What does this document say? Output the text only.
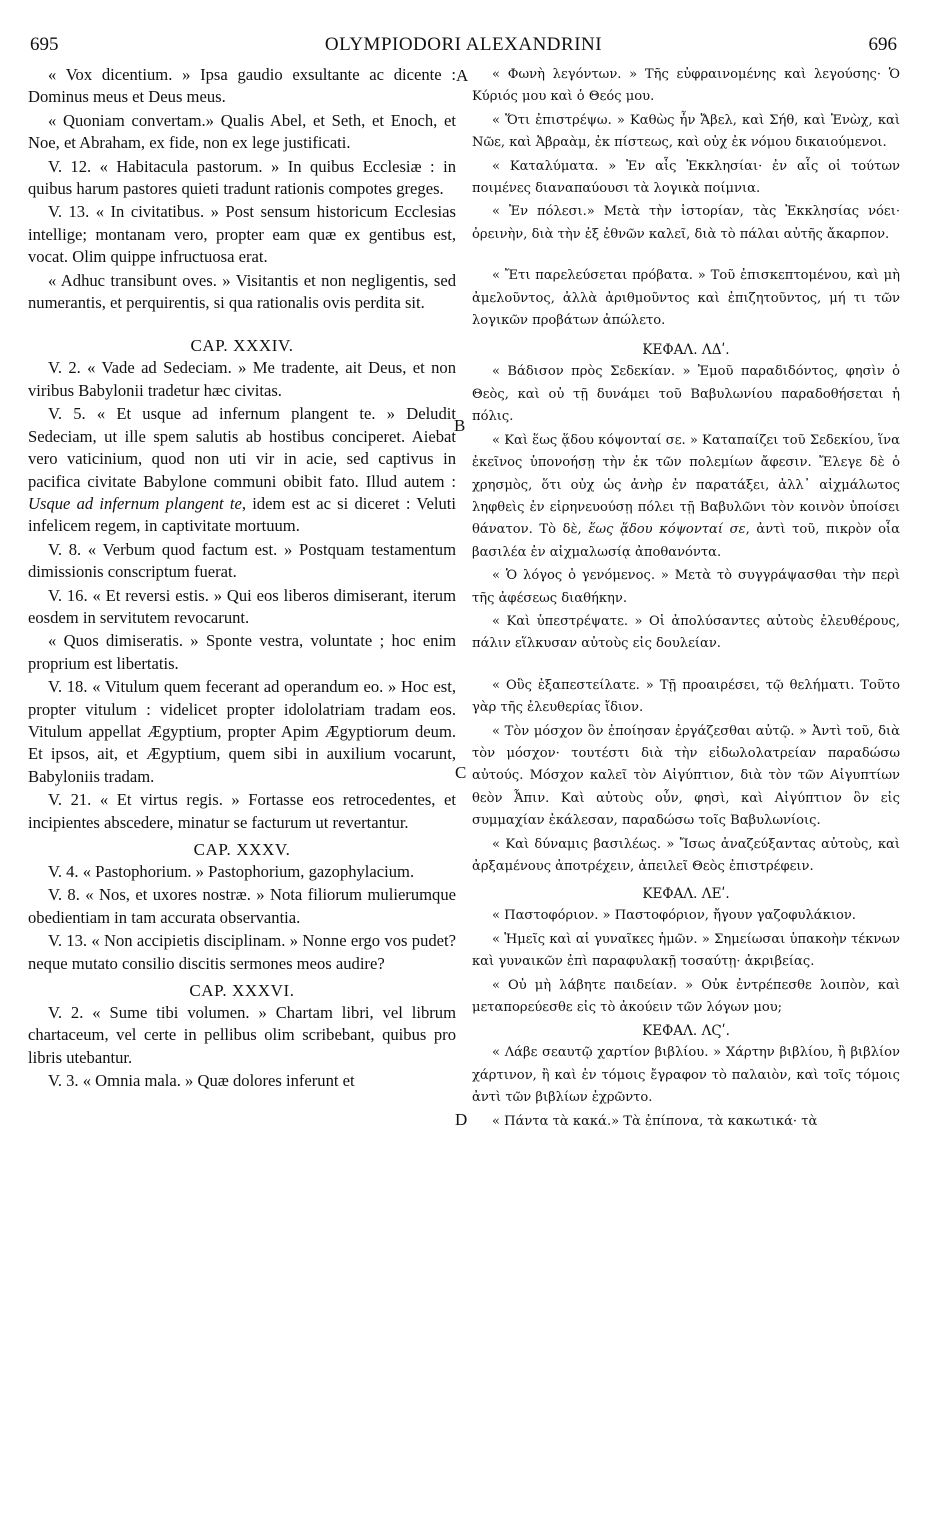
695	OLYMPIODORI ALEXANDRINI	696
A
B
C
D

« Vox dicentium. » Ipsa gaudio exsultante ac dicente : Dominus meus et Deus meus.

« Quoniam convertam.» Qualis Abel, et Seth, et Enoch, et Noe, et Abraham, ex fide, non ex lege justificati.

V. 12. « Habitacula pastorum. » In quibus Ecclesiæ : in quibus harum pastores quieti tradunt rationis compotes greges.

V. 13. « In civitatibus. » Post sensum historicum Ecclesias intellige; montanam vero, propter eam quæ ex gentibus est, vocat. Olim quippe infructuosa erat.

« Adhuc transibunt oves. » Visitantis et non negligentis, sed numerantis, et perquirentis, si qua rationalis ovis perdita sit.

CAP. XXXIV.

V. 2. « Vade ad Sedeciam. » Me tradente, ait Deus, et non viribus Babylonii tradetur hæc civitas.

V. 5. « Et usque ad infernum plangent te. » Deludit Sedeciam, ut ille spem salutis ab hostibus conciperet. Aiebat vero vaticinium, quod non uti vir in acie, sed captivus in pacifica civitate Babylone communi obibit fato. Illud autem : Usque ad infernum plangent te, idem est ac si diceret : Veluti infelicem regem, in captivitate mortuum.

V. 8. « Verbum quod factum est. » Postquam testamentum dimissionis conscriptum fuerat.

V. 16. « Et reversi estis. » Qui eos liberos dimiserant, iterum eosdem in servitutem revocarunt.

« Quos dimiseratis. » Sponte vestra, voluntate ; hoc enim proprium est libertatis.

V. 18. « Vitulum quem fecerant ad operandum eo. » Hoc est, propter vitulum : videlicet propter idololatriam tradam eos. Vitulum appellat Ægyptium, propter Apim Ægyptiorum deum. Et ipsos, ait, et Ægyptium, quem sibi in auxilium vocarunt, Babyloniis tradam.

V. 21. « Et virtus regis. » Fortasse eos retrocedentes, et incipientes abscedere, minatur se facturum ut revertantur.

CAP. XXXV.

V. 4. « Pastophorium. » Pastophorium, gazophylacium.

V. 8. « Nos, et uxores nostræ. » Nota filiorum mulierumque obedientiam in tam accurata observantia.

V. 13. « Non accipietis disciplinam. » Nonne ergo vos pudet? neque mutato consilio discitis sermones meos audire?

CAP. XXXVI.

V. 2. « Sume tibi volumen. » Chartam libri, vel librum chartaceum, vel certe in pellibus olim scribebant, quibus pro libris utebantur.

V. 3. « Omnia mala. » Quæ dolores inferunt et

« Φωνὴ λεγόντων. » Τῆς εὐφραινομένης καὶ λεγούσης· Ὁ Κύριός μου καὶ ὁ Θεός μου.

« Ὅτι ἐπιστρέψω. » Καθὼς ἦν Ἄβελ, καὶ Σήθ, καὶ Ἐνὼχ, καὶ Νῶε, καὶ Ἀβραὰμ, ἐκ πίστεως, καὶ οὐχ ἐκ νόμου δικαιούμενοι.

« Καταλύματα. » Ἐν αἷς Ἐκκλησίαι· ἐν αἷς οἱ τούτων ποιμένες διαναπαύουσι τὰ λογικὰ ποίμνια.

« Ἐν πόλεσι.» Μετὰ τὴν ἱστορίαν, τὰς Ἐκκλησίας νόει· ὀρεινὴν, διὰ τὴν ἐξ ἐθνῶν καλεῖ, διὰ τὸ πάλαι αὐτῆς ἄκαρπον.

« Ἔτι παρελεύσεται πρόβατα. » Τοῦ ἐπισκεπτομένου, καὶ μὴ ἀμελοῦντος, ἀλλὰ ἀριθμοῦντος καὶ ἐπιζητοῦντος, μή τι τῶν λογικῶν προβάτων ἀπώλετο.

ΚΕΦΑΛ. ΛΔʹ.

« Βάδισον πρὸς Σεδεκίαν. » Ἐμοῦ παραδιδόντος, φησὶν ὁ Θεὸς, καὶ οὐ τῇ δυνάμει τοῦ Βαβυλωνίου παραδοθήσεται ἡ πόλις.

« Καὶ ἕως ᾅδου κόψονταί σε. » Καταπαίζει τοῦ Σεδεκίου, ἵνα ἐκεῖνος ὑπονοήσῃ τὴν ἐκ τῶν πολεμίων ἄφεσιν. Ἔλεγε δὲ ὁ χρησμὸς, ὅτι οὐχ ὡς ἀνὴρ ἐν παρατάξει, ἀλλ᾽ αἰχμάλωτος ληφθεὶς ἐν εἰρηνευούσῃ πόλει τῇ Βαβυλῶνι τὸν κοινὸν ὑποίσει θάνατον. Τὸ δὲ, ἕως ᾅδου κόψονταί σε, ἀντὶ τοῦ, πικρὸν οἷα βασιλέα ἐν αἰχμαλωσίᾳ ἀποθανόντα.

« Ὁ λόγος ὁ γενόμενος. » Μετὰ τὸ συγγράψασθαι τὴν περὶ τῆς ἀφέσεως διαθήκην.

« Καὶ ὑπεστρέψατε. » Οἱ ἀπολύσαντες αὐτοὺς ἐλευθέρους, πάλιν εἵλκυσαν αὐτοὺς εἰς δουλείαν.

« Οὓς ἐξαπεστείλατε. » Τῇ προαιρέσει, τῷ θελήματι. Τοῦτο γὰρ τῆς ἐλευθερίας ἴδιον.

« Τὸν μόσχον ὃν ἐποίησαν ἐργάζεσθαι αὐτῷ. » Ἀντὶ τοῦ, διὰ τὸν μόσχον· τουτέστι διὰ τὴν εἰδωλολατρείαν παραδώσω αὐτούς. Μόσχον καλεῖ τὸν Αἰγύπτιον, διὰ τὸν τῶν Αἰγυπτίων θεὸν Ἆπιν. Καὶ αὐτοὺς οὖν, φησὶ, καὶ Αἰγύπτιον ὃν εἰς συμμαχίαν ἐκάλεσαν, παραδώσω τοῖς Βαβυλωνίοις.

« Καὶ δύναμις βασιλέως. » Ἴσως ἀναζεύξαντας αὐτοὺς, καὶ ἀρξαμένους ἀποτρέχειν, ἀπειλεῖ Θεὸς ἐπιστρέφειν.

ΚΕΦΑΛ. ΛΕʹ.

« Παστοφόριον. » Παστοφόριον, ἤγουν γαζοφυλάκιον.

« Ἡμεῖς καὶ αἱ γυναῖκες ἡμῶν. » Σημείωσαι ὑπακοὴν τέκνων καὶ γυναικῶν ἐπὶ παραφυλακῇ τοσαύτῃ· ἀκριβείας.

« Οὐ μὴ λάβητε παιδείαν. » Οὐκ ἐντρέπεσθε λοιπὸν, καὶ μεταπορεύεσθε εἰς τὸ ἀκούειν τῶν λόγων μου;

ΚΕΦΑΛ. ΛϚʹ.

« Λάβε σεαυτῷ χαρτίον βιβλίου. » Χάρτην βιβλίου, ἢ βιβλίον χάρτινον, ἢ καὶ ἐν τόμοις ἔγραφον τὸ παλαιὸν, καὶ τοῖς τόμοις ἀντὶ τῶν βιβλίων ἐχρῶντο.

« Πάντα τὰ κακά.» Τὰ ἐπίπονα, τὰ κακωτικά· τὰ
